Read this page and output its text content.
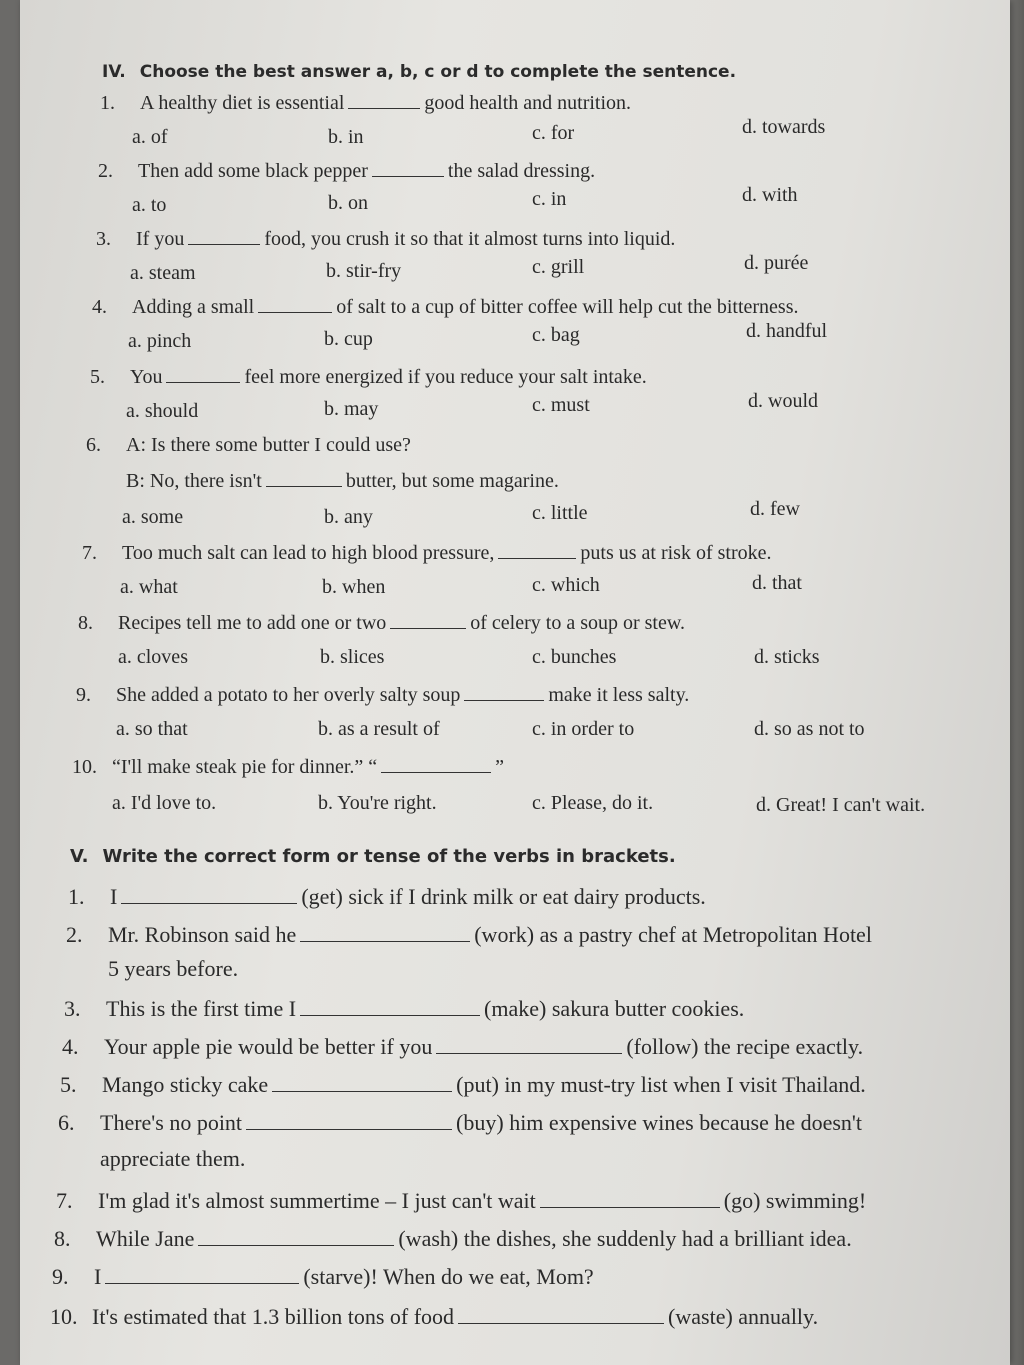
IV. Choose the best answer a, b, c or d to complete the sentence.
1. A healthy diet is essential	good health and nutrition.
a. of	b. in	c. for	d. towards
2. Then add some black pepper	the salad dressing.
a. to	b. on	c. in	d. with
3. If you	food, you crush it so that it almost turns into liquid.
a. steam	b. stir-fry	c. grill	d. purée
4. Adding a small	of salt to a cup of bitter coffee will help cut the bitterness.
a. pinch	b. cup	c. bag	d. handful
5. You	feel more energized if you reduce your salt intake.
a. should	b. may	c. must	d. would
6. A: Is there some butter I could use?
B: No, there isn't	butter, but some magarine.
a. some	b. any	c. little	d. few
7. Too much salt can lead to high blood pressure,	puts us at risk of stroke.
a. what	b. when	c. which	d. that
8. Recipes tell me to add one or two	of celery to a soup or stew.
a. cloves	b. slices	c. bunches	d. sticks
9. She added a potato to her overly salty soup	make it less salty.
a. so that	b. as a result of	c. in order to	d. so as not to
10. “I'll make steak pie for dinner.” “	”
a. I'd love to.	b. You're right.	c. Please, do it.	d. Great! I can't wait.
V. Write the correct form or tense of the verbs in brackets.
1. I	(get) sick if I drink milk or eat dairy products.
2. Mr. Robinson said he	(work) as a pastry chef at Metropolitan Hotel
5 years before.
3. This is the first time I	(make) sakura butter cookies.
4. Your apple pie would be better if you	(follow) the recipe exactly.
5. Mango sticky cake	(put) in my must-try list when I visit Thailand.
6. There's no point	(buy) him expensive wines because he doesn't
appreciate them.
7. I'm glad it's almost summertime – I just can't wait	(go) swimming!
8. While Jane	(wash) the dishes, she suddenly had a brilliant idea.
9. I	(starve)! When do we eat, Mom?
10. It's estimated that 1.3 billion tons of food	(waste) annually.
